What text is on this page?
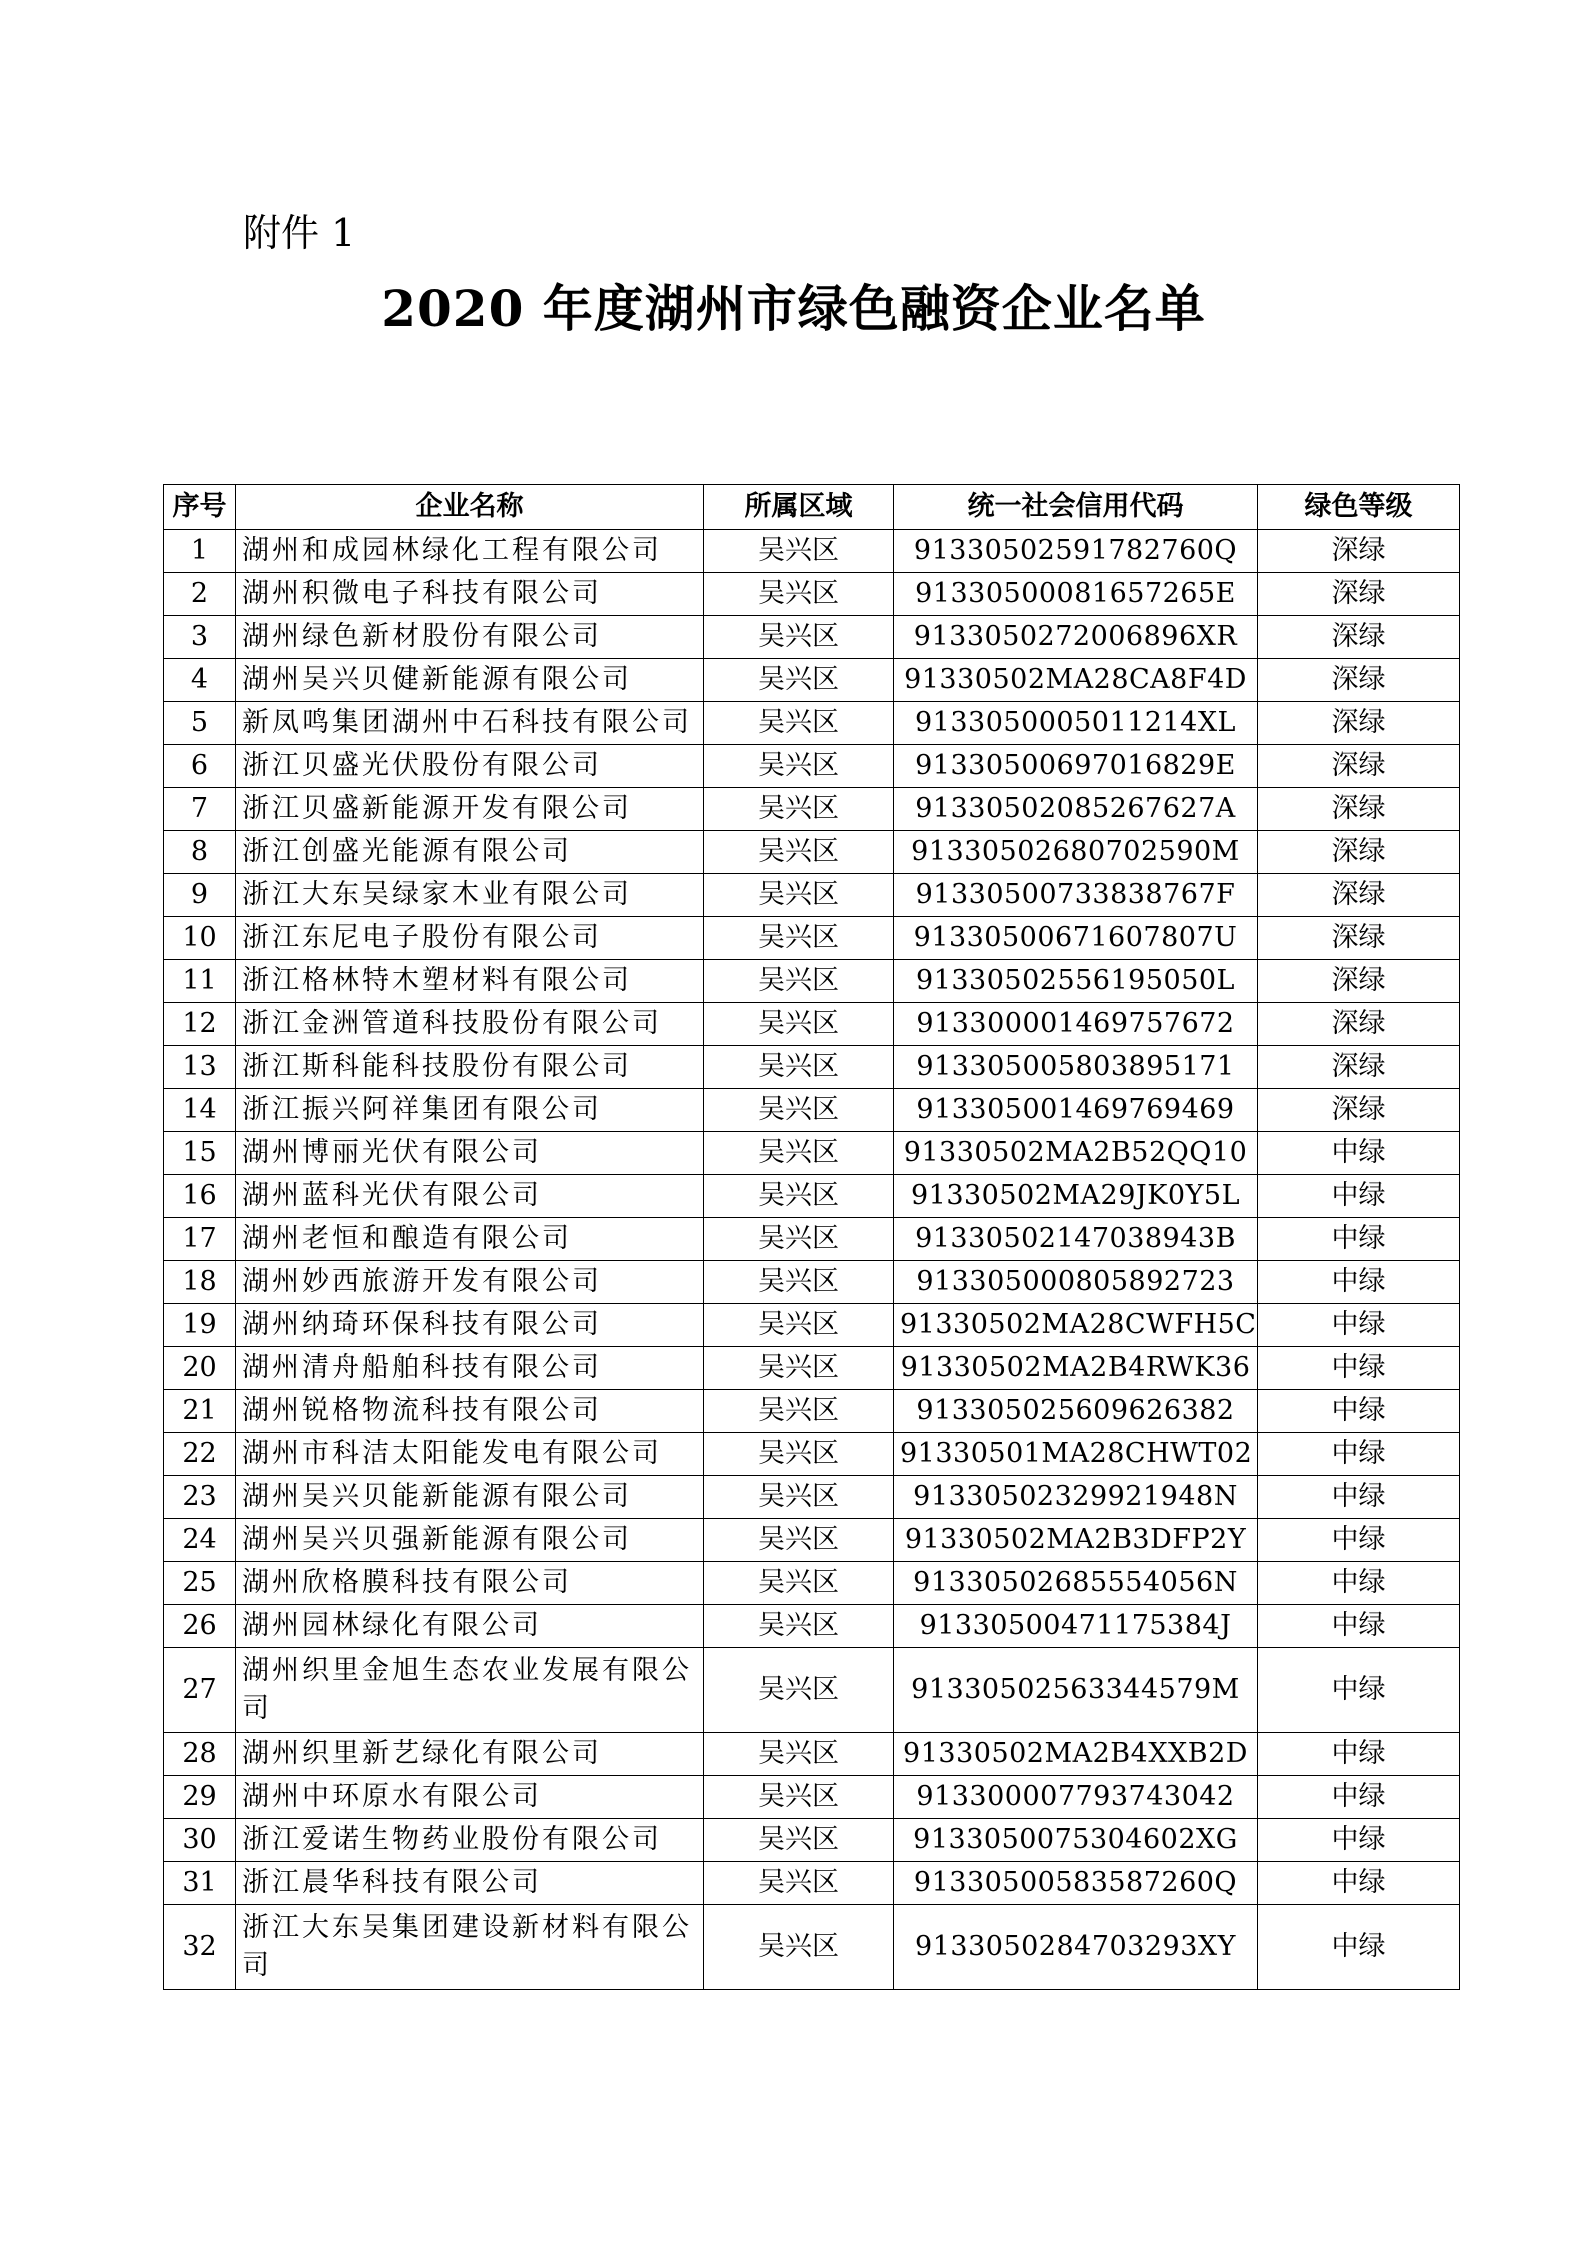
附件 1
2020 年度湖州市绿色融资企业名单
序号	企业名称	所属区域	统一社会信用代码	绿色等级
1	湖州和成园林绿化工程有限公司	吴兴区	91330502591782760Q	深绿
2	湖州积微电子科技有限公司	吴兴区	91330500081657265E	深绿
3	湖州绿色新材股份有限公司	吴兴区	9133050272006896XR	深绿
4	湖州吴兴贝健新能源有限公司	吴兴区	91330502MA28CA8F4D	深绿
5	新凤鸣集团湖州中石科技有限公司	吴兴区	9133050005011214XL	深绿
6	浙江贝盛光伏股份有限公司	吴兴区	91330500697016829E	深绿
7	浙江贝盛新能源开发有限公司	吴兴区	91330502085267627A	深绿
8	浙江创盛光能源有限公司	吴兴区	91330502680702590M	深绿
9	浙江大东吴绿家木业有限公司	吴兴区	91330500733838767F	深绿
10	浙江东尼电子股份有限公司	吴兴区	91330500671607807U	深绿
11	浙江格林特木塑材料有限公司	吴兴区	91330502556195050L	深绿
12	浙江金洲管道科技股份有限公司	吴兴区	913300001469757672	深绿
13	浙江斯科能科技股份有限公司	吴兴区	913305005803895171	深绿
14	浙江振兴阿祥集团有限公司	吴兴区	913305001469769469	深绿
15	湖州博丽光伏有限公司	吴兴区	91330502MA2B52QQ10	中绿
16	湖州蓝科光伏有限公司	吴兴区	91330502MA29JK0Y5L	中绿
17	湖州老恒和酿造有限公司	吴兴区	91330502147038943B	中绿
18	湖州妙西旅游开发有限公司	吴兴区	913305000805892723	中绿
19	湖州纳琦环保科技有限公司	吴兴区	91330502MA28CWFH5C	中绿
20	湖州清舟船舶科技有限公司	吴兴区	91330502MA2B4RWK36	中绿
21	湖州锐格物流科技有限公司	吴兴区	913305025609626382	中绿
22	湖州市科洁太阳能发电有限公司	吴兴区	91330501MA28CHWT02	中绿
23	湖州吴兴贝能新能源有限公司	吴兴区	91330502329921948N	中绿
24	湖州吴兴贝强新能源有限公司	吴兴区	91330502MA2B3DFP2Y	中绿
25	湖州欣格膜科技有限公司	吴兴区	91330502685554056N	中绿
26	湖州园林绿化有限公司	吴兴区	91330500471175384J	中绿
27	湖州织里金旭生态农业发展有限公司	吴兴区	91330502563344579M	中绿
28	湖州织里新艺绿化有限公司	吴兴区	91330502MA2B4XXB2D	中绿
29	湖州中环原水有限公司	吴兴区	913300007793743042	中绿
30	浙江爱诺生物药业股份有限公司	吴兴区	9133050075304602XG	中绿
31	浙江晨华科技有限公司	吴兴区	91330500583587260Q	中绿
32	浙江大东吴集团建设新材料有限公司	吴兴区	9133050284703293XY	中绿
